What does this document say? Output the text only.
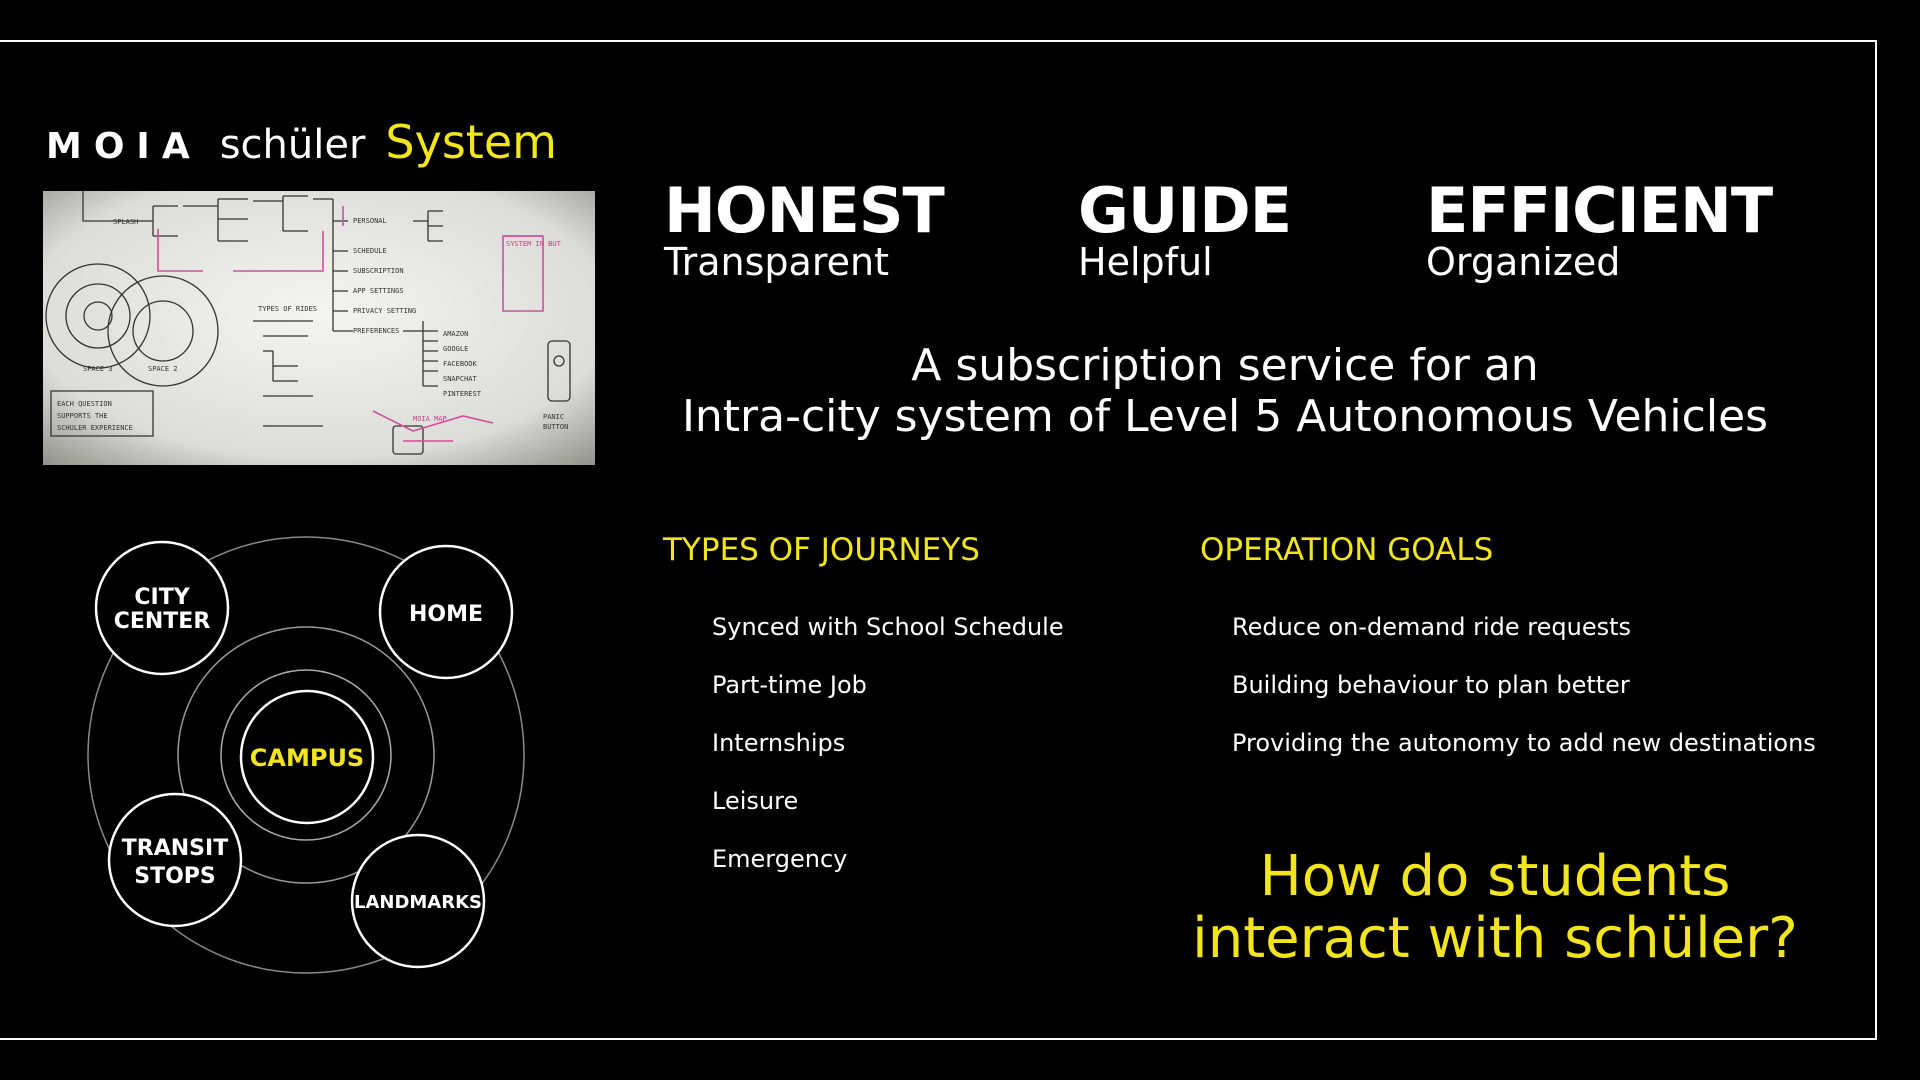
MOIA schüler System
SPLASH
TYPES OF RIDES
EACH QUESTION
SUPPORTS THE
SCHULER EXPERIENCE
SPACE 3	SPACE 2
AMAZON
GOOGLE
FACEBOOK
SNAPCHAT
PINTEREST
PERSONAL
SCHEDULE
SUBSCRIPTION
APP SETTINGS
PRIVACY SETTING
PREFERENCES
PANIC
BUTTON
SYSTEM IN BUT
MOIA MAP
HONEST
Transparent
GUIDE
Helpful
EFFICIENT
Organized
A subscription service for an
Intra-city system of Level 5 Autonomous Vehicles
TYPES OF JOURNEYS
Synced with School Schedule
Part-time Job
Internships
Leisure
Emergency
OPERATION GOALS
Reduce on-demand ride requests
Building behaviour to plan better
Providing the autonomy to add new destinations
How do students
interact with schüler?
CAMPUS
CITY
CENTER	HOME
TRANSIT
STOPS
LANDMARKS
